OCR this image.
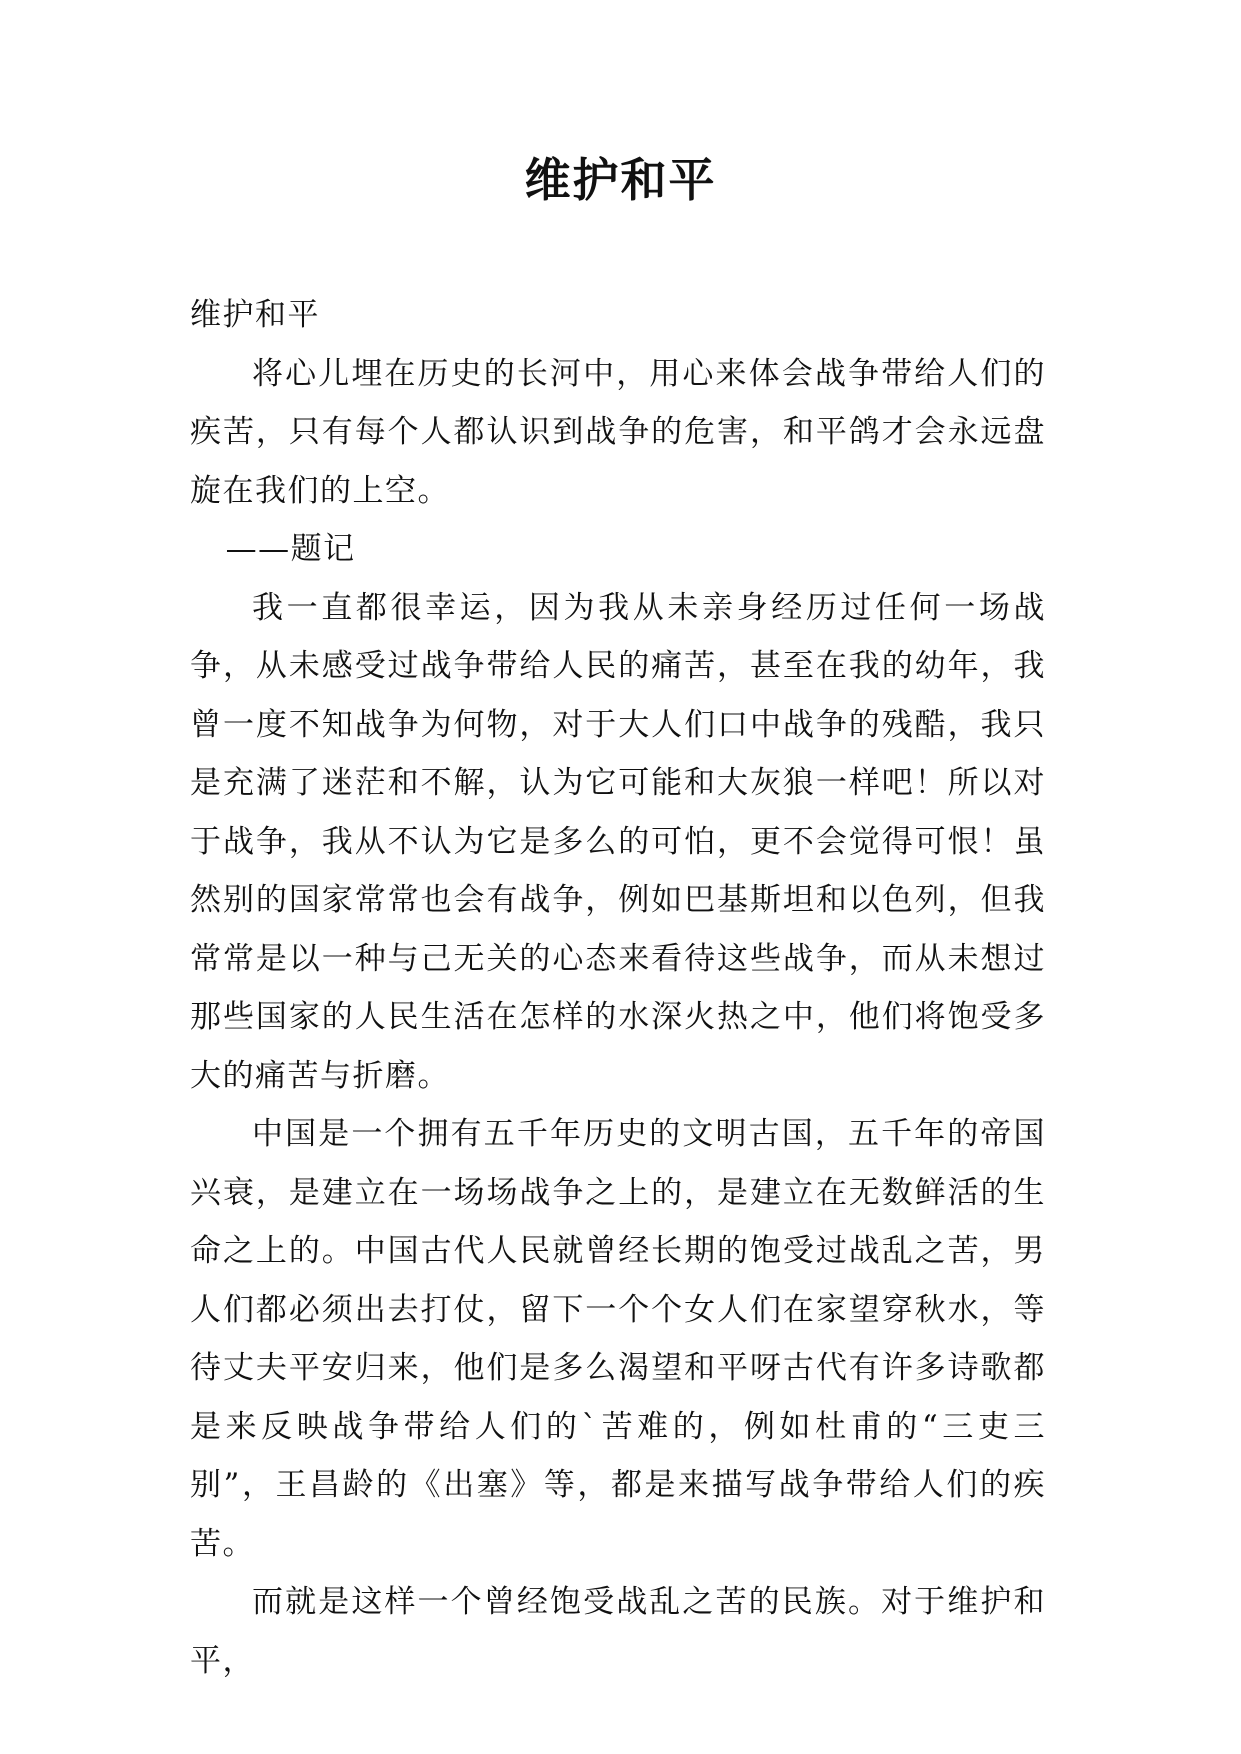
维护和平

维护和平

将心儿埋在历史的长河中，用心来体会战争带给人们的疾苦，只有每个人都认识到战争的危害，和平鸽才会永远盘旋在我们的上空。

——题记

我一直都很幸运，因为我从未亲身经历过任何一场战争，从未感受过战争带给人民的痛苦，甚至在我的幼年，我曾一度不知战争为何物，对于大人们口中战争的残酷，我只是充满了迷茫和不解，认为它可能和大灰狼一样吧！所以对于战争，我从不认为它是多么的可怕，更不会觉得可恨！虽然别的国家常常也会有战争，例如巴基斯坦和以色列，但我常常是以一种与己无关的心态来看待这些战争，而从未想过那些国家的人民生活在怎样的水深火热之中，他们将饱受多大的痛苦与折磨。

中国是一个拥有五千年历史的文明古国，五千年的帝国兴衰，是建立在一场场战争之上的，是建立在无数鲜活的生命之上的。中国古代人民就曾经长期的饱受过战乱之苦，男人们都必须出去打仗，留下一个个女人们在家望穿秋水，等待丈夫平安归来，他们是多么渴望和平呀古代有许多诗歌都是来反映战争带给人们的`苦难的，例如杜甫的“三吏三别”，王昌龄的《出塞》等，都是来描写战争带给人们的疾苦。

而就是这样一个曾经饱受战乱之苦的民族。对于维护和平，
